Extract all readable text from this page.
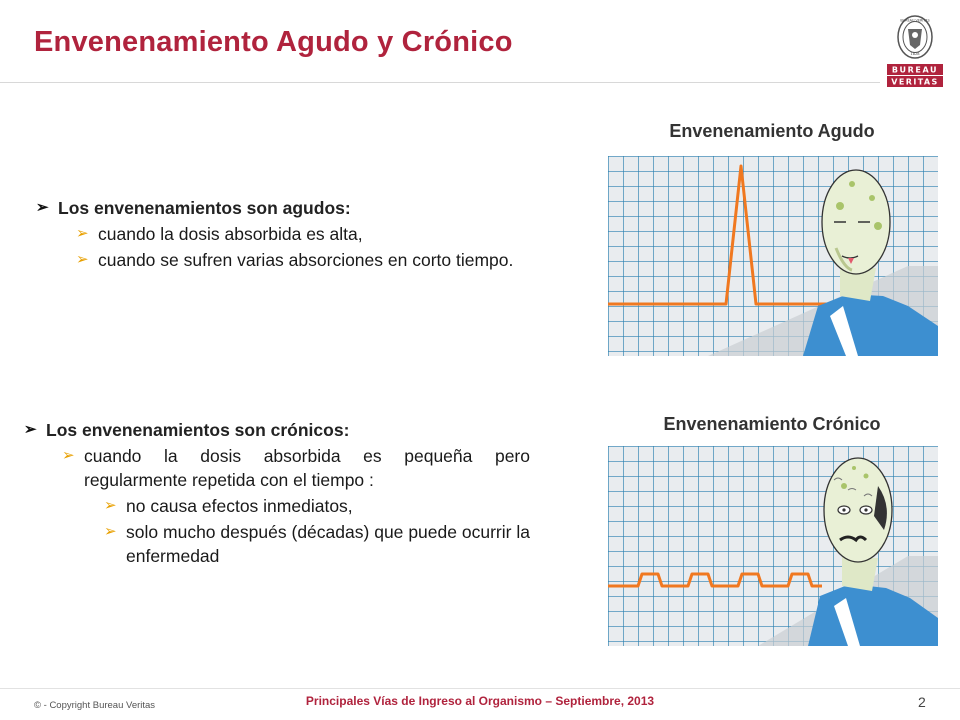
Envenenamiento Agudo y Crónico
BUREAU VERITAS
1828
BUREAU
VERITAS
➢ Los envenenamientos son agudos:
➢ cuando la dosis absorbida es alta,
➢ cuando se sufren varias absorciones en corto tiempo.
➢ Los envenenamientos son crónicos:
➢ cuando la dosis absorbida es pequeña pero regularmente repetida con el tiempo :
➢ no causa efectos inmediatos,
➢ solo mucho después (décadas) que puede ocurrir la enfermedad
Envenenamiento Agudo
Envenenamiento Crónico
© - Copyright Bureau Veritas	Principales Vías de Ingreso al Organismo – Septiembre, 2013	2
